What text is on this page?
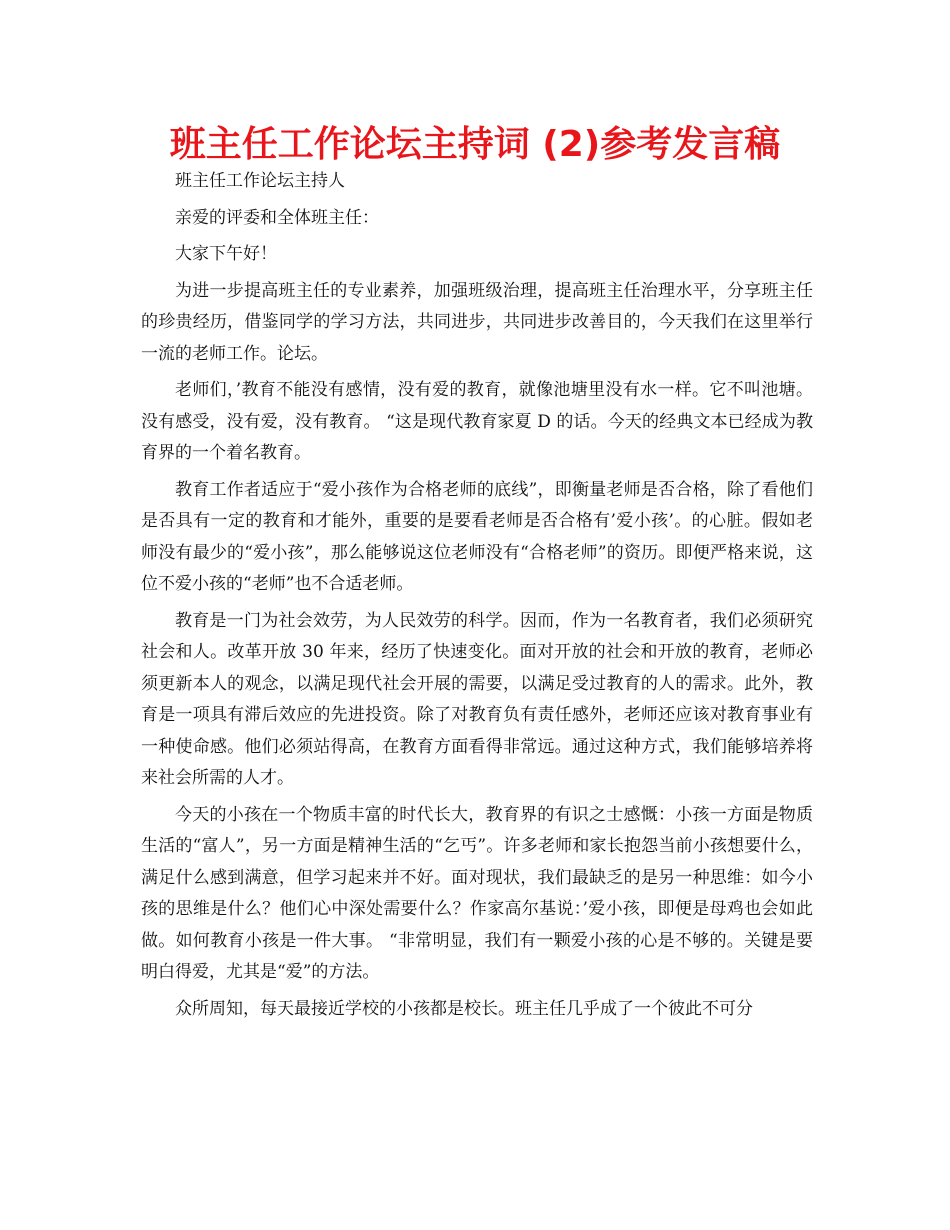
班主任工作论坛主持词 (2)参考发言稿

班主任工作论坛主持人

亲爱的评委和全体班主任：

大家下午好！

为进一步提高班主任的专业素养，加强班级治理，提高班主任治理水平，分享班主任的珍贵经历，借鉴同学的学习方法，共同进步，共同进步改善目的，今天我们在这里举行一流的老师工作。论坛。

老师们，’教育不能没有感情，没有爱的教育，就像池塘里没有水一样。它不叫池塘。没有感受，没有爱，没有教育。 “这是现代教育家夏 D 的话。今天的经典文本已经成为教育界的一个着名教育。

教育工作者适应于“爱小孩作为合格老师的底线”，即衡量老师是否合格，除了看他们是否具有一定的教育和才能外，重要的是要看老师是否合格有’爱小孩’。的心脏。假如老师没有最少的“爱小孩”，那么能够说这位老师没有“合格老师”的资历。即便严格来说，这位不爱小孩的“老师”也不合适老师。

教育是一门为社会效劳，为人民效劳的科学。因而，作为一名教育者，我们必须研究社会和人。改革开放 30 年来，经历了快速变化。面对开放的社会和开放的教育，老师必须更新本人的观念，以满足现代社会开展的需要，以满足受过教育的人的需求。此外，教育是一项具有滞后效应的先进投资。除了对教育负有责任感外，老师还应该对教育事业有一种使命感。他们必须站得高，在教育方面看得非常远。通过这种方式，我们能够培养将来社会所需的人才。

今天的小孩在一个物质丰富的时代长大，教育界的有识之士感慨：小孩一方面是物质生活的“富人”，另一方面是精神生活的“乞丐”。许多老师和家长抱怨当前小孩想要什么，满足什么感到满意，但学习起来并不好。面对现状，我们最缺乏的是另一种思维：如今小孩的思维是什么？他们心中深处需要什么？作家高尔基说：’爱小孩，即便是母鸡也会如此做。如何教育小孩是一件大事。 “非常明显，我们有一颗爱小孩的心是不够的。关键是要明白得爱，尤其是“爱”的方法。

众所周知，每天最接近学校的小孩都是校长。班主任几乎成了一个彼此不可分
